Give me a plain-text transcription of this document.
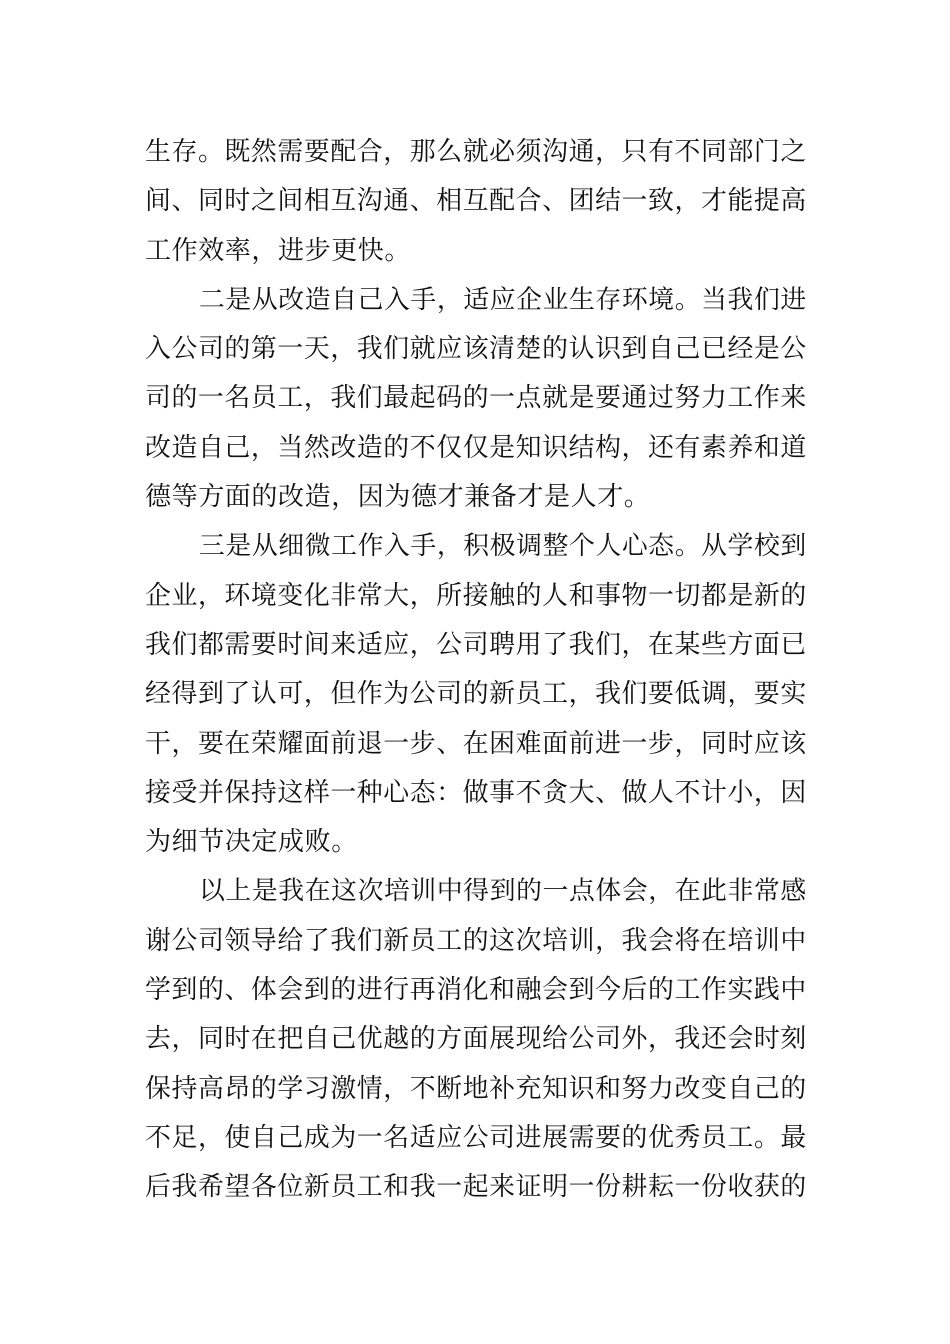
生存。既然需要配合，那么就必须沟通，只有不同部门之
间、同时之间相互沟通、相互配合、团结一致，才能提高
工作效率，进步更快。
二是从改造自己入手，适应企业生存环境。当我们进
入公司的第一天，我们就应该清楚的认识到自己已经是公
司的一名员工，我们最起码的一点就是要通过努力工作来
改造自己，当然改造的不仅仅是知识结构，还有素养和道
德等方面的改造，因为德才兼备才是人才。
三是从细微工作入手，积极调整个人心态。从学校到
企业，环境变化非常大，所接触的人和事物一切都是新的
我们都需要时间来适应，公司聘用了我们，在某些方面已
经得到了认可，但作为公司的新员工，我们要低调，要实
干，要在荣耀面前退一步、在困难面前进一步，同时应该
接受并保持这样一种心态：做事不贪大、做人不计小，因
为细节决定成败。
以上是我在这次培训中得到的一点体会，在此非常感
谢公司领导给了我们新员工的这次培训，我会将在培训中
学到的、体会到的进行再消化和融会到今后的工作实践中
去，同时在把自己优越的方面展现给公司外，我还会时刻
保持高昂的学习激情，不断地补充知识和努力改变自己的
不足，使自己成为一名适应公司进展需要的优秀员工。最
后我希望各位新员工和我一起来证明一份耕耘一份收获的
